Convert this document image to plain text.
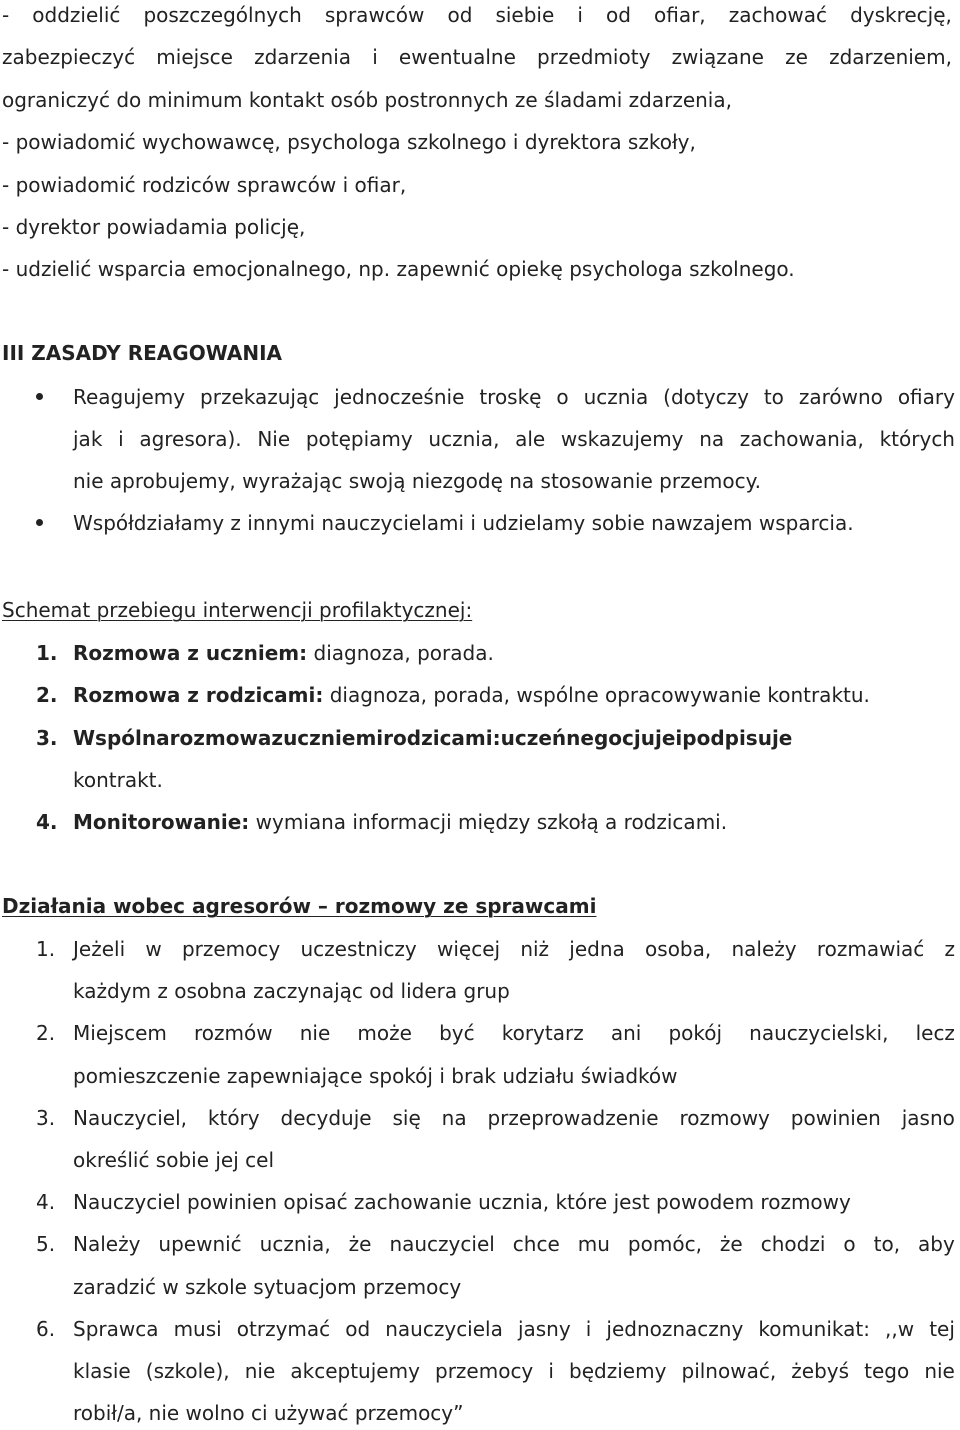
- oddzielić poszczególnych sprawców od siebie i od ofiar, zachować dyskrecję,
zabezpieczyć miejsce zdarzenia i ewentualne przedmioty związane ze zdarzeniem,
ograniczyć do minimum kontakt osób postronnych ze śladami zdarzenia,
- powiadomić wychowawcę, psychologa szkolnego i dyrektora szkoły,
- powiadomić rodziców sprawców i ofiar,
- dyrektor powiadamia policję,
- udzielić wsparcia emocjonalnego, np. zapewnić opiekę psychologa szkolnego.
III ZASADY REAGOWANIA
Reagujemy przekazując jednocześnie troskę o ucznia (dotyczy to zarówno ofiary
jak i agresora). Nie potępiamy ucznia, ale wskazujemy na zachowania, których
nie aprobujemy, wyrażając swoją niezgodę na stosowanie przemocy.
Współdziałamy z innymi nauczycielami i udzielamy sobie nawzajem wsparcia.
Schemat przebiegu interwencji profilaktycznej:
1. Rozmowa z uczniem: diagnoza, porada.
2. Rozmowa z rodzicami: diagnoza, porada, wspólne opracowywanie kontraktu.
3. Wspólnarozmowazuczniemirodzicami:uczeńnegocjujeipodpisuje
kontrakt.
4. Monitorowanie: wymiana informacji między szkołą a rodzicami.
Działania wobec agresorów – rozmowy ze sprawcami
1. Jeżeli w przemocy uczestniczy więcej niż jedna osoba, należy rozmawiać z
każdym z osobna zaczynając od lidera grup
2. Miejscem rozmów nie może być korytarz ani pokój nauczycielski, lecz
pomieszczenie zapewniające spokój i brak udziału świadków
3. Nauczyciel, który decyduje się na przeprowadzenie rozmowy powinien jasno
określić sobie jej cel
4. Nauczyciel powinien opisać zachowanie ucznia, które jest powodem rozmowy
5. Należy upewnić ucznia, że nauczyciel chce mu pomóc, że chodzi o to, aby
zaradzić w szkole sytuacjom przemocy
6. Sprawca musi otrzymać od nauczyciela jasny i jednoznaczny komunikat: ,,w tej
klasie (szkole), nie akceptujemy przemocy i będziemy pilnować, żebyś tego nie
robił/a, nie wolno ci używać przemocy”
